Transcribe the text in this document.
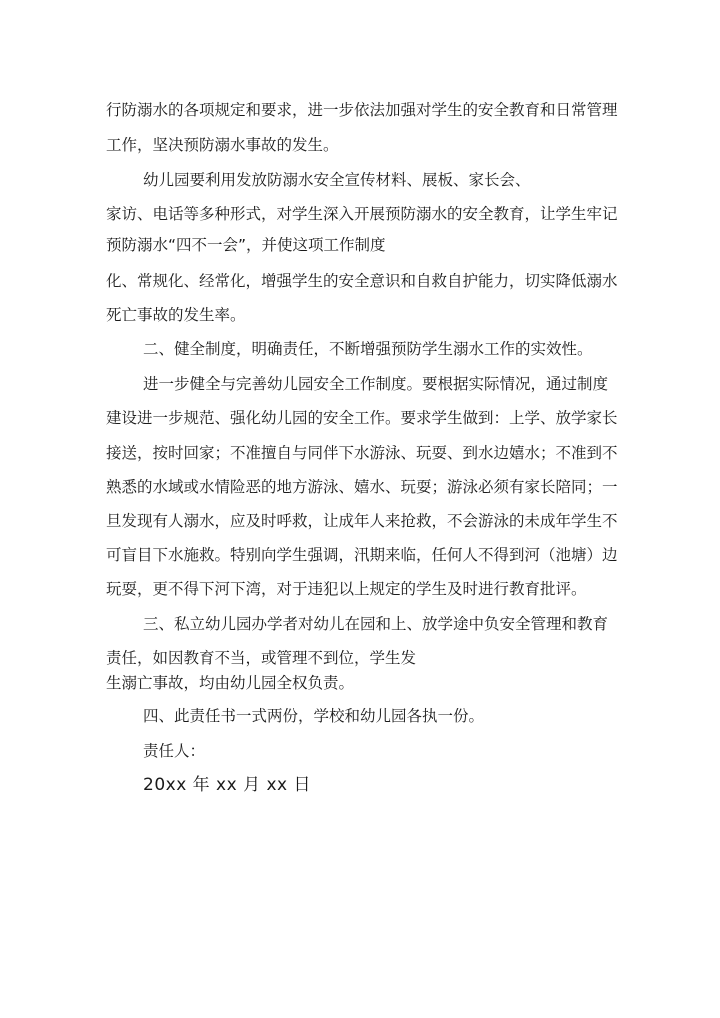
行防溺水的各项规定和要求，进一步依法加强对学生的安全教育和日常管理
工作，坚决预防溺水事故的发生。
幼儿园要利用发放防溺水安全宣传材料、展板、家长会、
家访、电话等多种形式，对学生深入开展预防溺水的安全教育，让学生牢记
预防溺水“四不一会”，并使这项工作制度
化、常规化、经常化，增强学生的安全意识和自救自护能力，切实降低溺水
死亡事故的发生率。
二、健全制度，明确责任，不断增强预防学生溺水工作的实效性。
进一步健全与完善幼儿园安全工作制度。要根据实际情况，通过制度
建设进一步规范、强化幼儿园的安全工作。要求学生做到：上学、放学家长
接送，按时回家；不准擅自与同伴下水游泳、玩耍、到水边嬉水；不准到不
熟悉的水域或水情险恶的地方游泳、嬉水、玩耍；游泳必须有家长陪同；一
旦发现有人溺水，应及时呼救，让成年人来抢救，不会游泳的未成年学生不
可盲目下水施救。特别向学生强调，汛期来临，任何人不得到河（池塘）边
玩耍，更不得下河下湾，对于违犯以上规定的学生及时进行教育批评。
三、私立幼儿园办学者对幼儿在园和上、放学途中负安全管理和教育
责任，如因教育不当，或管理不到位，学生发
生溺亡事故，均由幼儿园全权负责。
四、此责任书一式两份，学校和幼儿园各执一份。
责任人：
20xx 年 xx 月 xx 日
